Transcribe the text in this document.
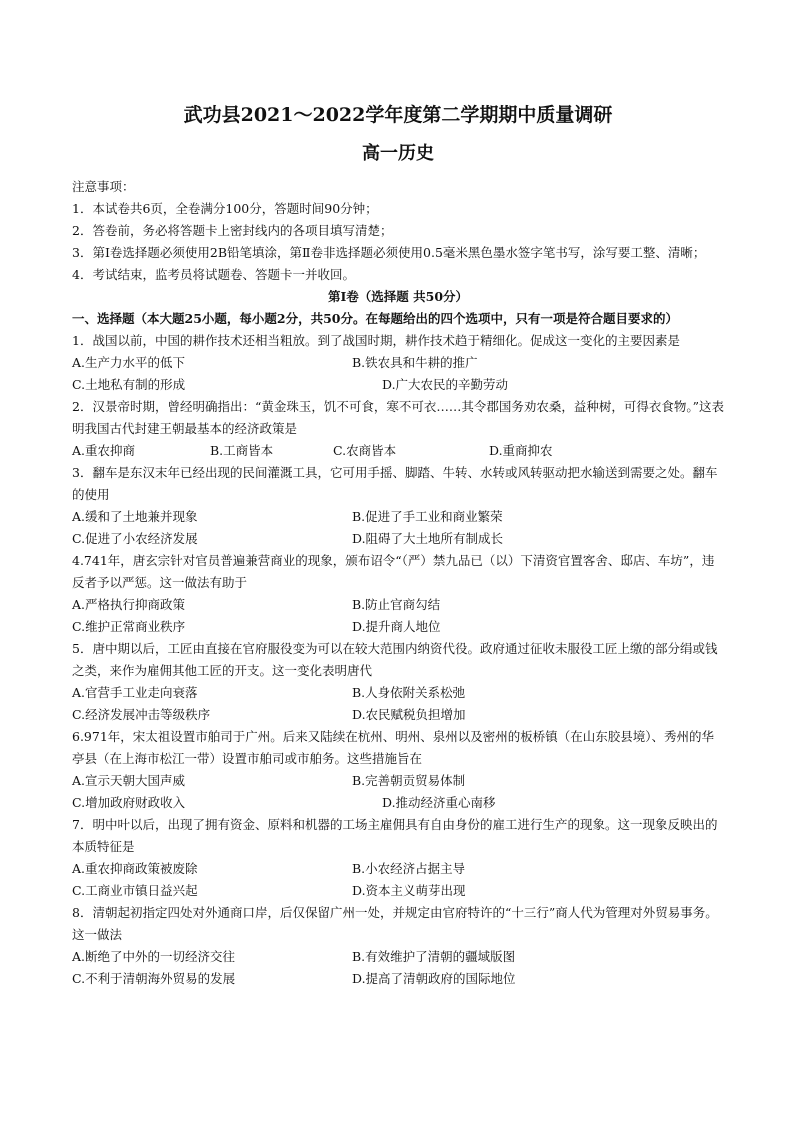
武功县2021～2022学年度第二学期期中质量调研
高一历史

注意事项：

1．本试卷共6页，全卷满分100分，答题时间90分钟；

2．答卷前，务必将答题卡上密封线内的各项目填写清楚；

3．第Ⅰ卷选择题必须使用2B铅笔填涂，第Ⅱ卷非选择题必须使用0.5毫米黑色墨水签字笔书写，涂写要工整、清晰；

4．考试结束，监考员将试题卷、答题卡一并收回。

第Ⅰ卷（选择题 共50分）

一、选择题（本大题25小题，每小题2分，共50分。在每题给出的四个选项中，只有一项是符合题目要求的）

1．战国以前，中国的耕作技术还相当粗放。到了战国时期，耕作技术趋于精细化。促成这一变化的主要因素是

A.生产力水平的低下	B.铁农具和牛耕的推广
C.土地私有制的形成	D.广大农民的辛勤劳动

2．汉景帝时期，曾经明确指出：“黄金珠玉，饥不可食，寒不可衣……其令郡国务劝农桑，益种树，可得衣食物。”这表明我国古代封建王朝最基本的经济政策是

A.重农抑商	B.工商皆本	C.农商皆本	D.重商抑农

3．翻车是东汉末年已经出现的民间灌溉工具，它可用手摇、脚踏、牛转、水转或风转驱动把水输送到需要之处。翻车的使用

A.缓和了土地兼并现象	B.促进了手工业和商业繁荣
C.促进了小农经济发展	D.阻碍了大土地所有制成长

4.741年，唐玄宗针对官员普遍兼营商业的现象，颁布诏令“（严）禁九品已（以）下清资官置客舍、邸店、车坊”，违反者予以严惩。这一做法有助于

A.严格执行抑商政策	B.防止官商勾结
C.维护正常商业秩序	D.提升商人地位

5．唐中期以后，工匠由直接在官府服役变为可以在较大范围内纳资代役。政府通过征收未服役工匠上缴的部分绢或钱之类，来作为雇佣其他工匠的开支。这一变化表明唐代

A.官营手工业走向衰落	B.人身依附关系松弛
C.经济发展冲击等级秩序	D.农民赋税负担增加

6.971年，宋太祖设置市舶司于广州。后来又陆续在杭州、明州、泉州以及密州的板桥镇（在山东胶县境）、秀州的华亭县（在上海市松江一带）设置市舶司或市舶务。这些措施旨在

A.宣示天朝大国声威	B.完善朝贡贸易体制
C.增加政府财政收入	D.推动经济重心南移

7．明中叶以后，出现了拥有资金、原料和机器的工场主雇佣具有自由身份的雇工进行生产的现象。这一现象反映出的本质特征是

A.重农抑商政策被废除	B.小农经济占据主导
C.工商业市镇日益兴起	D.资本主义萌芽出现

8．清朝起初指定四处对外通商口岸，后仅保留广州一处，并规定由官府特许的“十三行”商人代为管理对外贸易事务。这一做法

A.断绝了中外的一切经济交往	B.有效维护了清朝的疆域版图
C.不利于清朝海外贸易的发展	D.提高了清朝政府的国际地位
